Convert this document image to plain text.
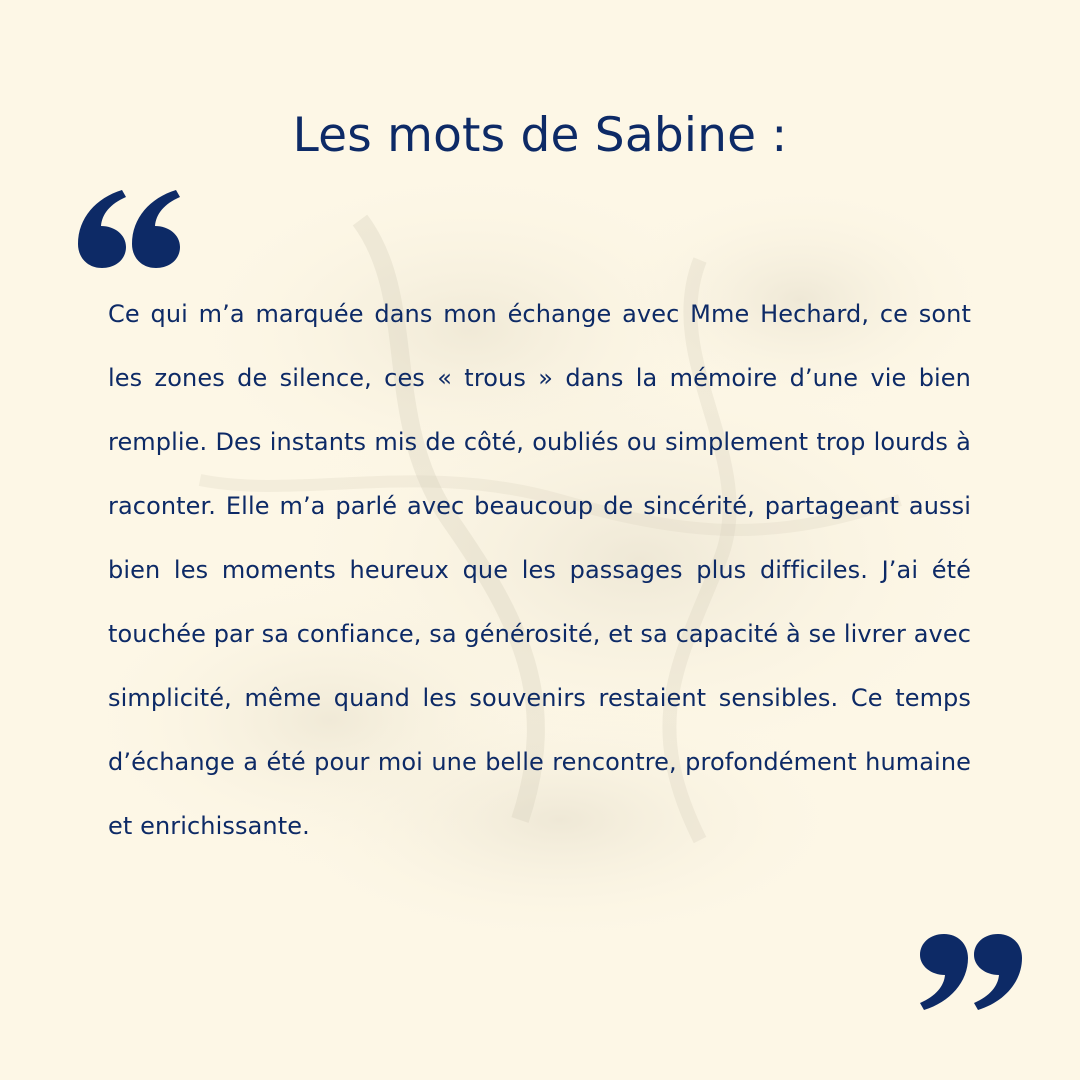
Les mots de Sabine :

Ce qui m’a marquée dans mon échange avec Mme Hechard, ce sont les zones de silence, ces « trous » dans la mémoire d’une vie bien remplie. Des instants mis de côté, oubliés ou simplement trop lourds à raconter. Elle m’a parlé avec beaucoup de sincérité, partageant aussi bien les moments heureux que les passages plus difficiles. J’ai été touchée par sa confiance, sa générosité, et sa capacité à se livrer avec simplicité, même quand les souvenirs restaient sensibles. Ce temps d’échange a été pour moi une belle rencontre, profondément humaine et enrichissante.
